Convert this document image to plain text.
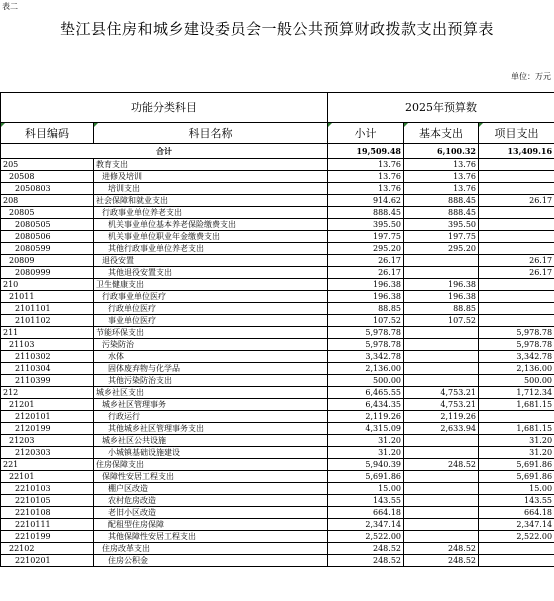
表二
垫江县住房和城乡建设委员会一般公共预算财政拨款支出预算表
单位：万元
功能分类科目		2025年预算数		
科目编码	科目名称	小计	基本支出	项目支出
合计		19,509.48	6,100.32	13,409.16
205	教育支出	13.76	13.76	
20508	进修及培训	13.76	13.76	
2050803	培训支出	13.76	13.76	
208	社会保障和就业支出	914.62	888.45	26.17
20805	行政事业单位养老支出	888.45	888.45	
2080505	机关事业单位基本养老保险缴费支出	395.50	395.50	
2080506	机关事业单位职业年金缴费支出	197.75	197.75	
2080599	其他行政事业单位养老支出	295.20	295.20	
20809	退役安置	26.17		26.17
2080999	其他退役安置支出	26.17		26.17
210	卫生健康支出	196.38	196.38	
21011	行政事业单位医疗	196.38	196.38	
2101101	行政单位医疗	88.85	88.85	
2101102	事业单位医疗	107.52	107.52	
211	节能环保支出	5,978.78		5,978.78
21103	污染防治	5,978.78		5,978.78
2110302	水体	3,342.78		3,342.78
2110304	固体废弃物与化学品	2,136.00		2,136.00
2110399	其他污染防治支出	500.00		500.00
212	城乡社区支出	6,465.55	4,753.21	1,712.34
21201	城乡社区管理事务	6,434.35	4,753.21	1,681.15
2120101	行政运行	2,119.26	2,119.26	
2120199	其他城乡社区管理事务支出	4,315.09	2,633.94	1,681.15
21203	城乡社区公共设施	31.20		31.20
2120303	小城镇基础设施建设	31.20		31.20
221	住房保障支出	5,940.39	248.52	5,691.86
22101	保障性安居工程支出	5,691.86		5,691.86
2210103	棚户区改造	15.00		15.00
2210105	农村危房改造	143.55		143.55
2210108	老旧小区改造	664.18		664.18
2210111	配租型住房保障	2,347.14		2,347.14
2210199	其他保障性安居工程支出	2,522.00		2,522.00
22102	住房改革支出	248.52	248.52	
2210201	住房公积金	248.52	248.52	
